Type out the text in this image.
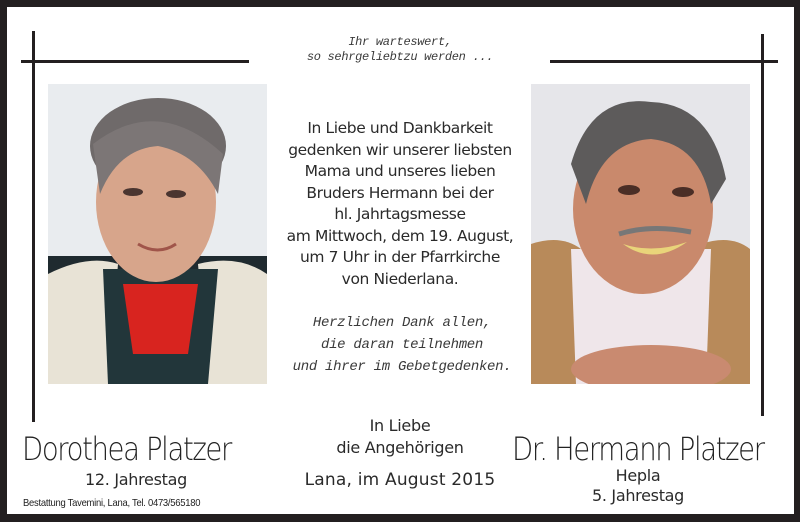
Ihr warteswert,
so sehrgeliebtzu werden ...
In Liebe und Dankbarkeit
gedenken wir unserer liebsten
Mama und unseres lieben
Bruders Hermann bei der
hl. Jahrtagsmesse
am Mittwoch, dem 19. August,
um 7 Uhr in der Pfarrkirche
von Niederlana.
Herzlichen Dank allen,
die daran teilnehmen
und ihrer im Gebetgedenken.
Dorothea Platzer
12. Jahrestag
Dr. Hermann Platzer
Hepla
5. Jahrestag
In Liebe
die Angehörigen
Lana, im August 2015
Bestattung Tavemini, Lana, Tel. 0473/565180
